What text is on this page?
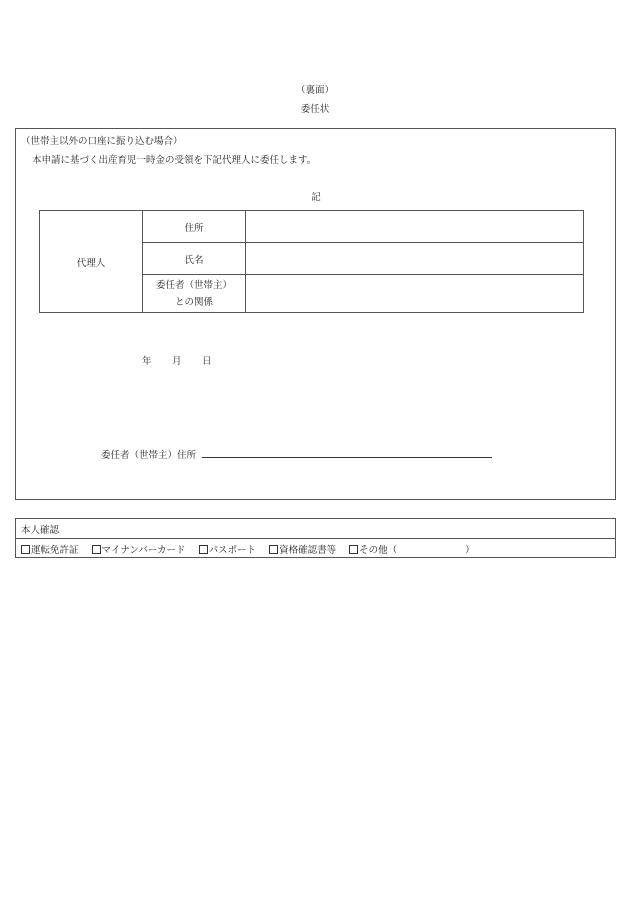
（裏面）
委任状
（世帯主以外の口座に振り込む場合）
本申請に基づく出産育児一時金の受領を下記代理人に委任します。
記
代理人	住所	
	氏名	

	委任者（世帯主）
との関係	

年 月 日
委任者（世帯主）住所
本人確認
運転免許証 マイナンバーカード パスポート 資格確認書等 その他（	）
